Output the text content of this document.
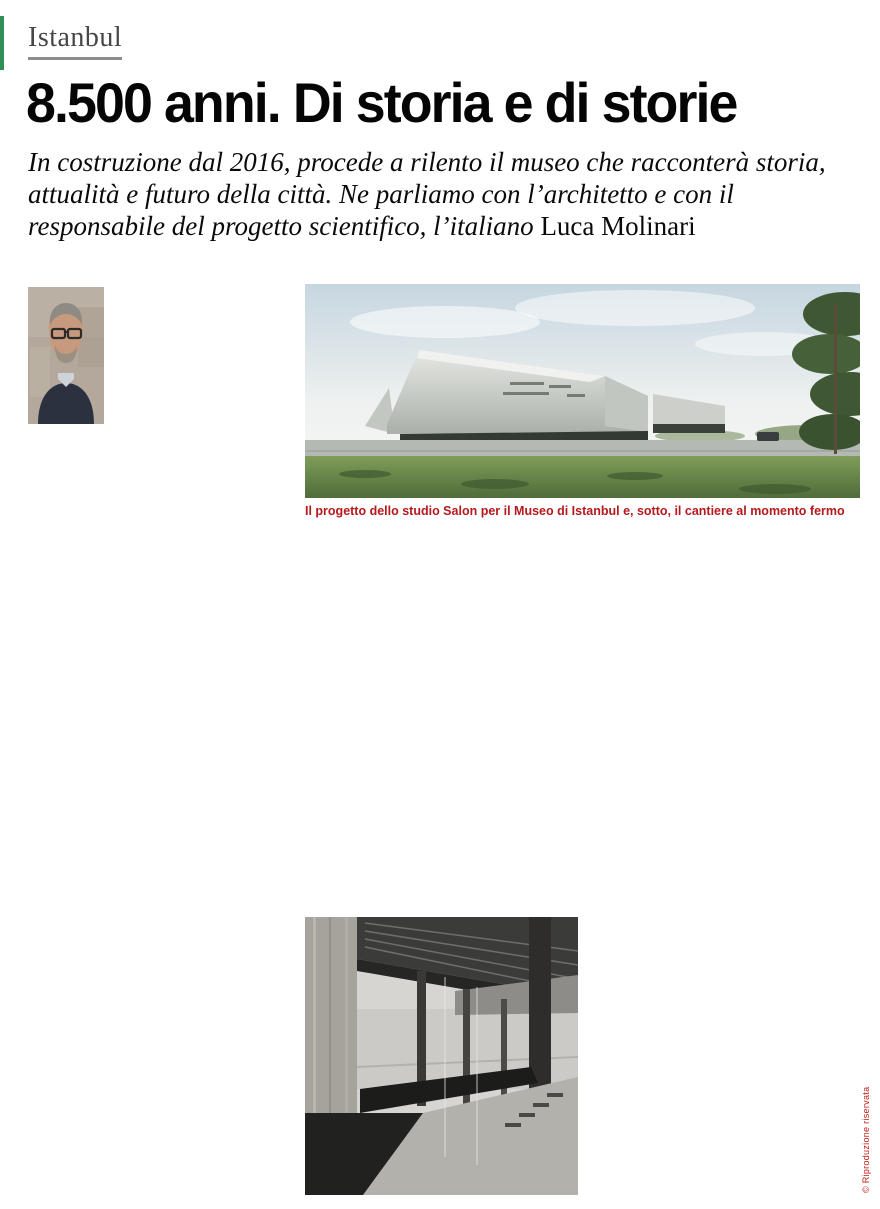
Istanbul
8.500 anni. Di storia e di storie

In costruzione dal 2016, procede a rilento il museo che racconterà storia, attualità e futuro della città. Ne parliamo con l’architetto e con il responsabile del progetto scientifico, l’italiano Luca Molinari

Il progetto dello studio Salon per il Museo di Istanbul e, sotto, il cantiere al momento fermo
© Riproduzione riservata
